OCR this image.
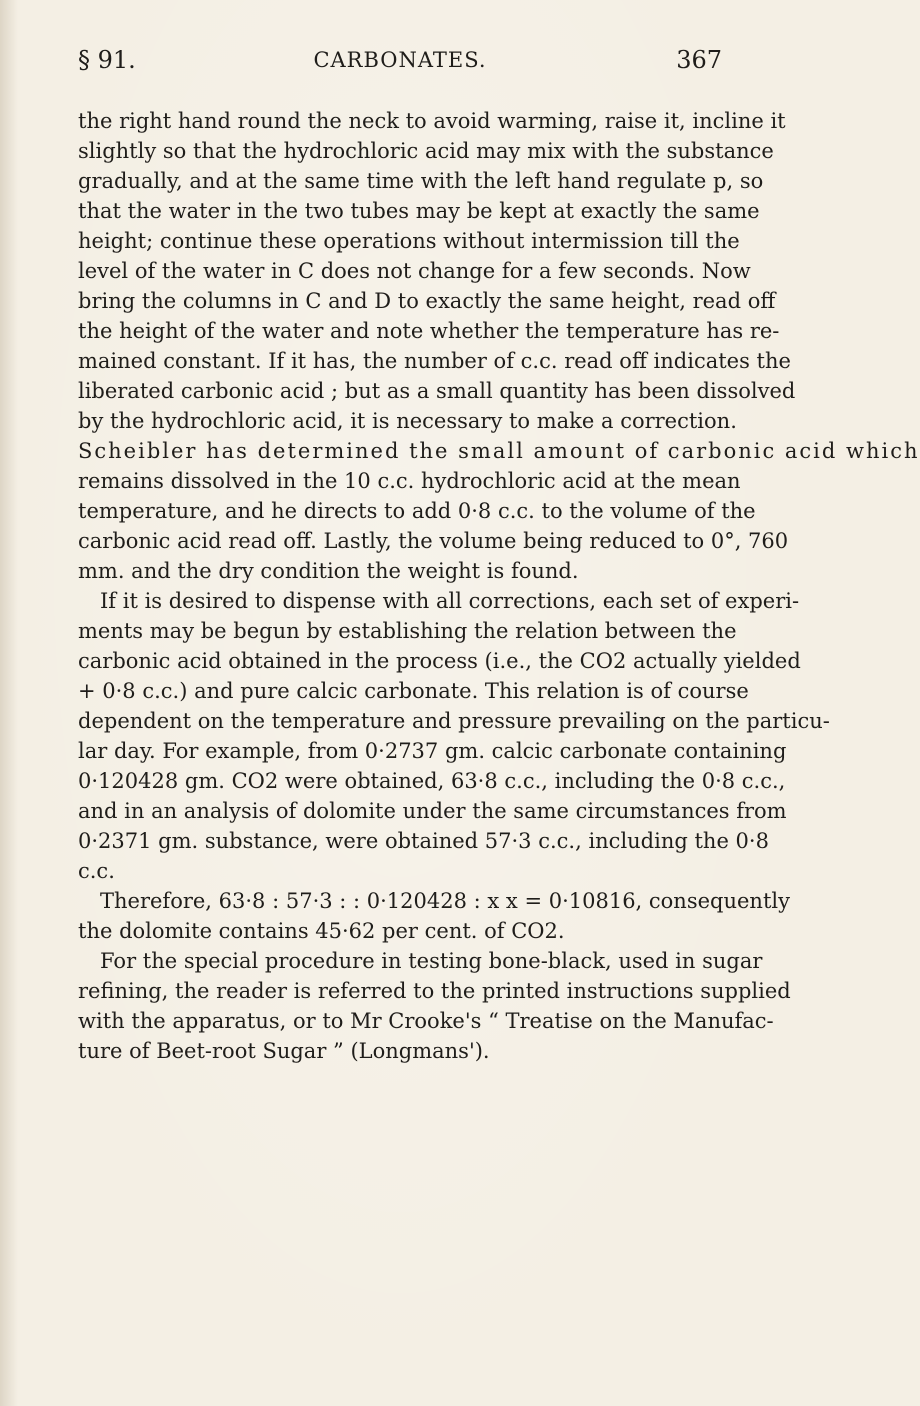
§ 91.	CARBONATES.	367
the right hand round the neck to avoid warming, raise it, incline it
slightly so that the hydrochloric acid may mix with the substance
gradually, and at the same time with the left hand regulate p, so
that the water in the two tubes may be kept at exactly the same
height; continue these operations without intermission till the
level of the water in C does not change for a few seconds. Now
bring the columns in C and D to exactly the same height, read off
the height of the water and note whether the temperature has re-
mained constant. If it has, the number of c.c. read off indicates the
liberated carbonic acid ; but as a small quantity has been dissolved
by the hydrochloric acid, it is necessary to make a correction.
Scheibler has determined the small amount of carbonic acid which
remains dissolved in the 10 c.c. hydrochloric acid at the mean
temperature, and he directs to add 0·8 c.c. to the volume of the
carbonic acid read off. Lastly, the volume being reduced to 0°, 760
mm. and the dry condition the weight is found.
If it is desired to dispense with all corrections, each set of experi-
ments may be begun by establishing the relation between the
carbonic acid obtained in the process (i.e., the CO2 actually yielded
+ 0·8 c.c.) and pure calcic carbonate. This relation is of course
dependent on the temperature and pressure prevailing on the particu-
lar day. For example, from 0·2737 gm. calcic carbonate containing
0·120428 gm. CO2 were obtained, 63·8 c.c., including the 0·8 c.c.,
and in an analysis of dolomite under the same circumstances from
0·2371 gm. substance, were obtained 57·3 c.c., including the 0·8
c.c.
Therefore, 63·8 : 57·3 : : 0·120428 : x x = 0·10816, consequently
the dolomite contains 45·62 per cent. of CO2.
For the special procedure in testing bone-black, used in sugar
refining, the reader is referred to the printed instructions supplied
with the apparatus, or to Mr Crooke's “ Treatise on the Manufac-
ture of Beet-root Sugar ” (Longmans').
